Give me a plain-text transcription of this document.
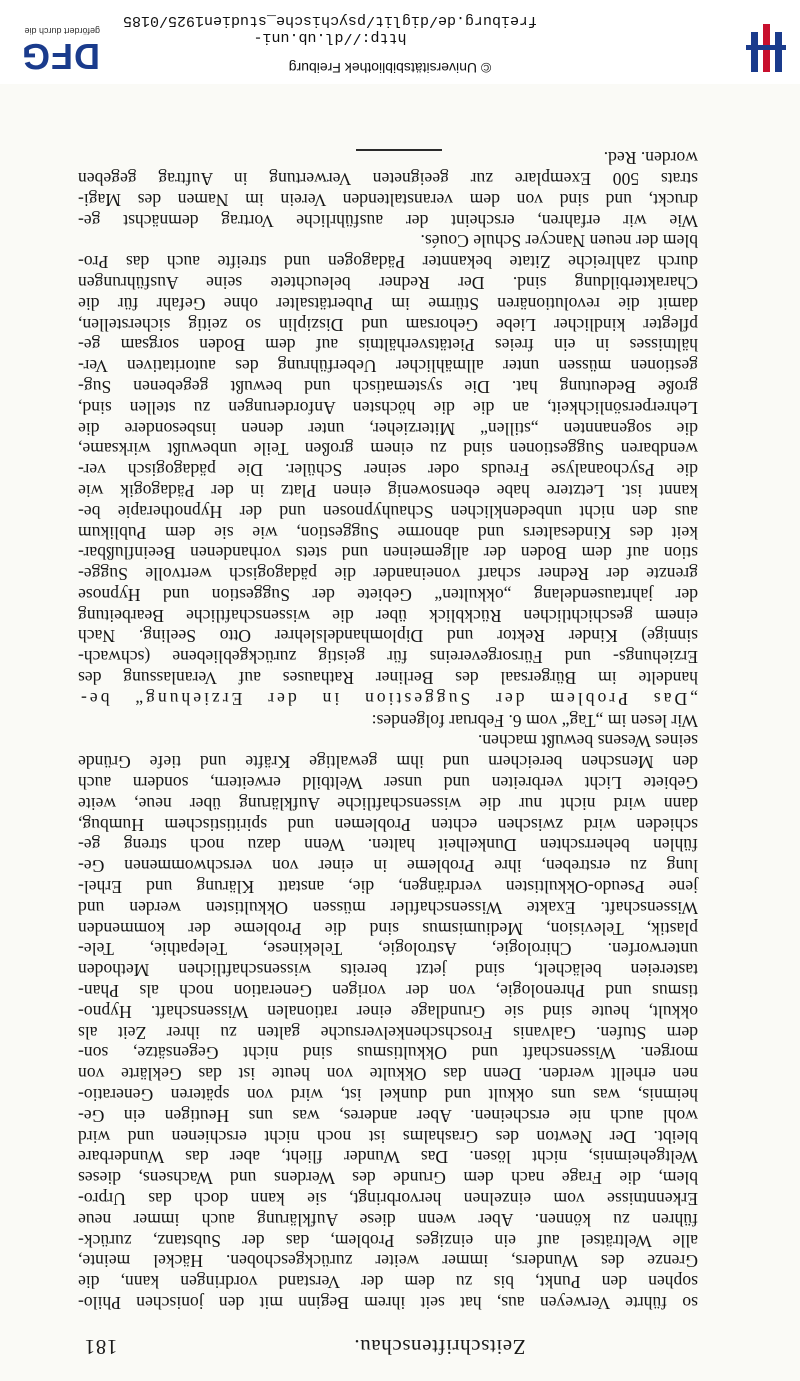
Zeitschriftenschau.
181
so führte Verweyen aus, hat seit ihrem Beginn mit den jonischen Philo-
sophen den Punkt, bis zu dem der Verstand vordringen kann, die
Grenze des Wunders, immer weiter zurückgeschoben. Häckel meinte,
alle Welträtsel auf ein einziges Problem, das der Substanz, zurück-
führen zu können. Aber wenn diese Aufklärung auch immer neue
Erkenntnisse vom einzelnen hervorbringt, sie kann doch das Urpro-
blem, die Frage nach dem Grunde des Werdens und Wachsens, dieses
Weltgeheimnis, nicht lösen. Das Wunder flieht, aber das Wunderbare
bleibt. Der Newton des Grashalms ist noch nicht erschienen und wird
wohl auch nie erscheinen. Aber anderes, was uns Heutigen ein Ge-
heimnis, was uns okkult und dunkel ist, wird von späteren Generatio-
nen erhellt werden. Denn das Okkulte von heute ist das Geklärte von
morgen. Wissenschaft und Okkultismus sind nicht Gegensätze, son-
dern Stufen. Galvanis Froschschenkelversuche galten zu ihrer Zeit als
okkult, heute sind sie Grundlage einer rationalen Wissenschaft. Hypno-
tismus und Phrenologie, von der vorigen Generation noch als Phan-
tastereien belächelt, sind jetzt bereits wissenschaftlichen Methoden
unterworfen. Chirologie, Astrologie, Telekinese, Telepathie, Tele-
plastik, Television, Mediumismus sind die Probleme der kommenden
Wissenschaft. Exakte Wissenschaftler müssen Okkultisten werden und
jene Pseudo-Okkultisten verdrängen, die, anstatt Klärung und Erhel-
lung zu erstreben, ihre Probleme in einer von verschwommenen Ge-
fühlen beherrschten Dunkelheit halten. Wenn dazu noch streng ge-
schieden wird zwischen echten Problemen und spiritistischem Humbug,
dann wird nicht nur die wissenschaftliche Aufklärung über neue, weite
Gebiete Licht verbreiten und unser Weltbild erweitern, sondern auch
den Menschen bereichern und ihm gewaltige Kräfte und tiefe Gründe
seines Wesens bewußt machen.
Wir lesen im „Tag“ vom 6. Februar folgendes:
„Das Problem der Suggestion in der Erziehung“ be-
handelte im Bürgersaal des Berliner Rathauses auf Veranlassung des
Erziehungs- und Fürsorgevereins für geistig zurückgebliebene (schwach-
sinnige) Kinder Rektor und Diplomhandelslehrer Otto Seeling. Nach
einem geschichtlichen Rückblick über die wissenschaftliche Bearbeitung
der jahrtausendelang „okkulten“ Gebiete der Suggestion und Hypnose
grenzte der Redner scharf voneinander die pädagogisch wertvolle Sugge-
stion auf dem Boden der allgemeinen und stets vorhandenen Beeinflußbar-
keit des Kindesalters und abnorme Suggestion, wie sie dem Publikum
aus den nicht unbedenklichen Schauhypnosen und der Hypnotherapie be-
kannt ist. Letztere habe ebensowenig einen Platz in der Pädagogik wie
die Psychoanalyse Freuds oder seiner Schüler. Die pädagogisch ver-
wendbaren Suggestionen sind zu einem großen Teile unbewußt wirksame,
die sogenannten „stillen“ Miterzieher, unter denen insbesondere die
Lehrerpersönlichkeit, an die die höchsten Anforderungen zu stellen sind,
große Bedeutung hat. Die systematisch und bewußt gegebenen Sug-
gestionen müssen unter allmählicher Ueberführung des autoritativen Ver-
hältnisses in ein freies Pietätsverhältnis auf dem Boden sorgsam ge-
pflegter kindlicher Liebe Gehorsam und Disziplin so zeitig sicherstellen,
damit die revolutionären Stürme im Pubertätsalter ohne Gefahr für die
Charakterbildung sind. Der Redner beleuchtete seine Ausführungen
durch zahlreiche Zitate bekannter Pädagogen und streifte auch das Pro-
blem der neuen Nancyer Schule Coués.
Wie wir erfahren, erscheint der ausführliche Vortrag demnächst ge-
druckt, und sind von dem veranstaltenden Verein im Namen des Magi-
strats 500 Exemplare zur geeigneten Verwertung in Auftrag gegeben
worden. Red.
© Universitätsbibliothek Freiburg
http://dl.ub.uni-freiburg.de/diglit/psychische_studien1925/0185
DFG
gefördert durch die
